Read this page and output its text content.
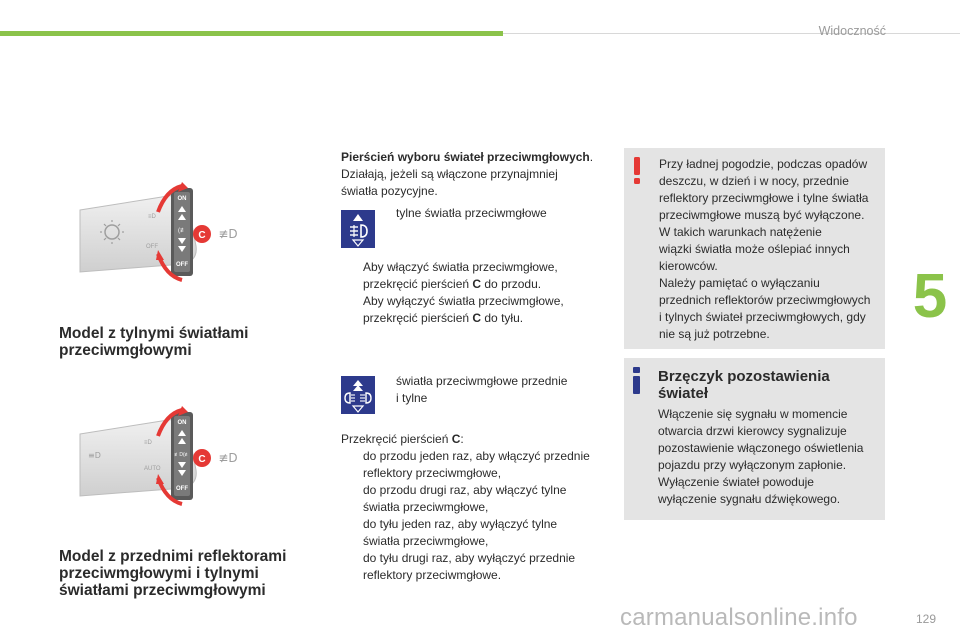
Widoczność
5
≡D
OFF
ON
(≢
OFF
C ≢D
Model z tylnymi światłami
przeciwmgłowymi
≡D
≡D
AUTO
ON
≢D(≢
OFF
C ≢D
Model z przednimi reflektorami
przeciwmgłowymi i tylnymi
światłami przeciwmgłowymi
Pierścień wyboru świateł przeciwmgłowych.
Działają, jeżeli są włączone przynajmniej
światła pozycyjne.
tylne światła przeciwmgłowe
Aby włączyć światła przeciwmgłowe,
przekręcić pierścień C do przodu.
Aby wyłączyć światła przeciwmgłowe,
przekręcić pierścień C do tyłu.
światła przeciwmgłowe przednie
i tylne
Przekręcić pierścień C:
do przodu jeden raz, aby włączyć przednie
reflektory przeciwmgłowe,
do przodu drugi raz, aby włączyć tylne
światła przeciwmgłowe,
do tyłu jeden raz, aby wyłączyć tylne
światła przeciwmgłowe,
do tyłu drugi raz, aby wyłączyć przednie
reflektory przeciwmgłowe.
Przy ładnej pogodzie, podczas opadów
deszczu, w dzień i w nocy, przednie
reflektory przeciwmgłowe i tylne światła
przeciwmgłowe muszą być wyłączone.
W takich warunkach natężenie
wiązki światła może oślepiać innych
kierowców.
Należy pamiętać o wyłączaniu
przednich reflektorów przeciwmgłowych
i tylnych świateł przeciwmgłowych, gdy
nie są już potrzebne.
Brzęczyk pozostawienia
świateł
Włączenie się sygnału w momencie
otwarcia drzwi kierowcy sygnalizuje
pozostawienie włączonego oświetlenia
pojazdu przy wyłączonym zapłonie.
Wyłączenie świateł powoduje
wyłączenie sygnału dźwiękowego.
129
carmanualsonline.info
